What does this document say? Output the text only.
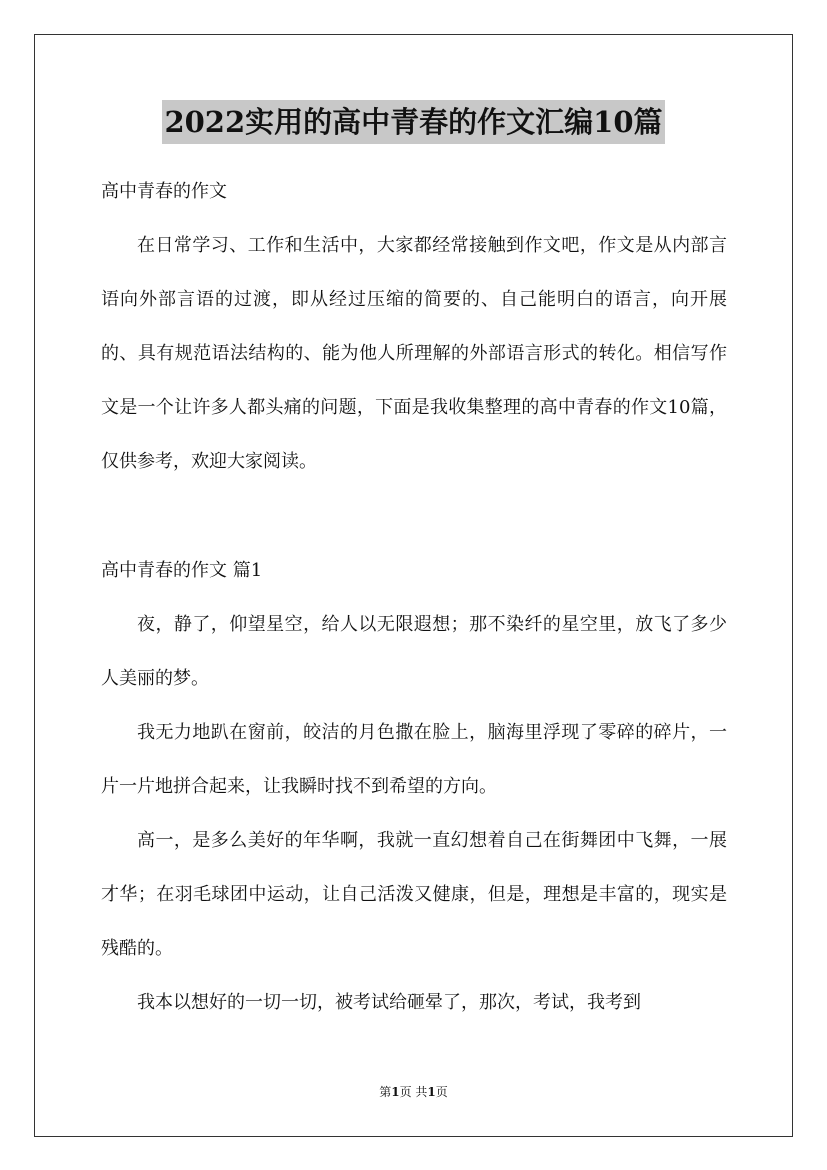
2022实用的高中青春的作文汇编10篇

高中青春的作文

在日常学习、工作和生活中，大家都经常接触到作文吧，作文是从内部言语向外部言语的过渡，即从经过压缩的简要的、自己能明白的语言，向开展的、具有规范语法结构的、能为他人所理解的外部语言形式的转化。相信写作文是一个让许多人都头痛的问题，下面是我收集整理的高中青春的作文10篇，仅供参考，欢迎大家阅读。

高中青春的作文 篇1

夜，静了，仰望星空，给人以无限遐想；那不染纤的星空里，放飞了多少人美丽的梦。

我无力地趴在窗前，皎洁的月色撒在脸上，脑海里浮现了零碎的碎片，一片一片地拼合起来，让我瞬时找不到希望的方向。

高一，是多么美好的年华啊，我就一直幻想着自己在街舞团中飞舞，一展才华；在羽毛球团中运动，让自己活泼又健康，但是，理想是丰富的，现实是残酷的。

我本以想好的一切一切，被考试给砸晕了，那次，考试，我考到

第1页 共1页
